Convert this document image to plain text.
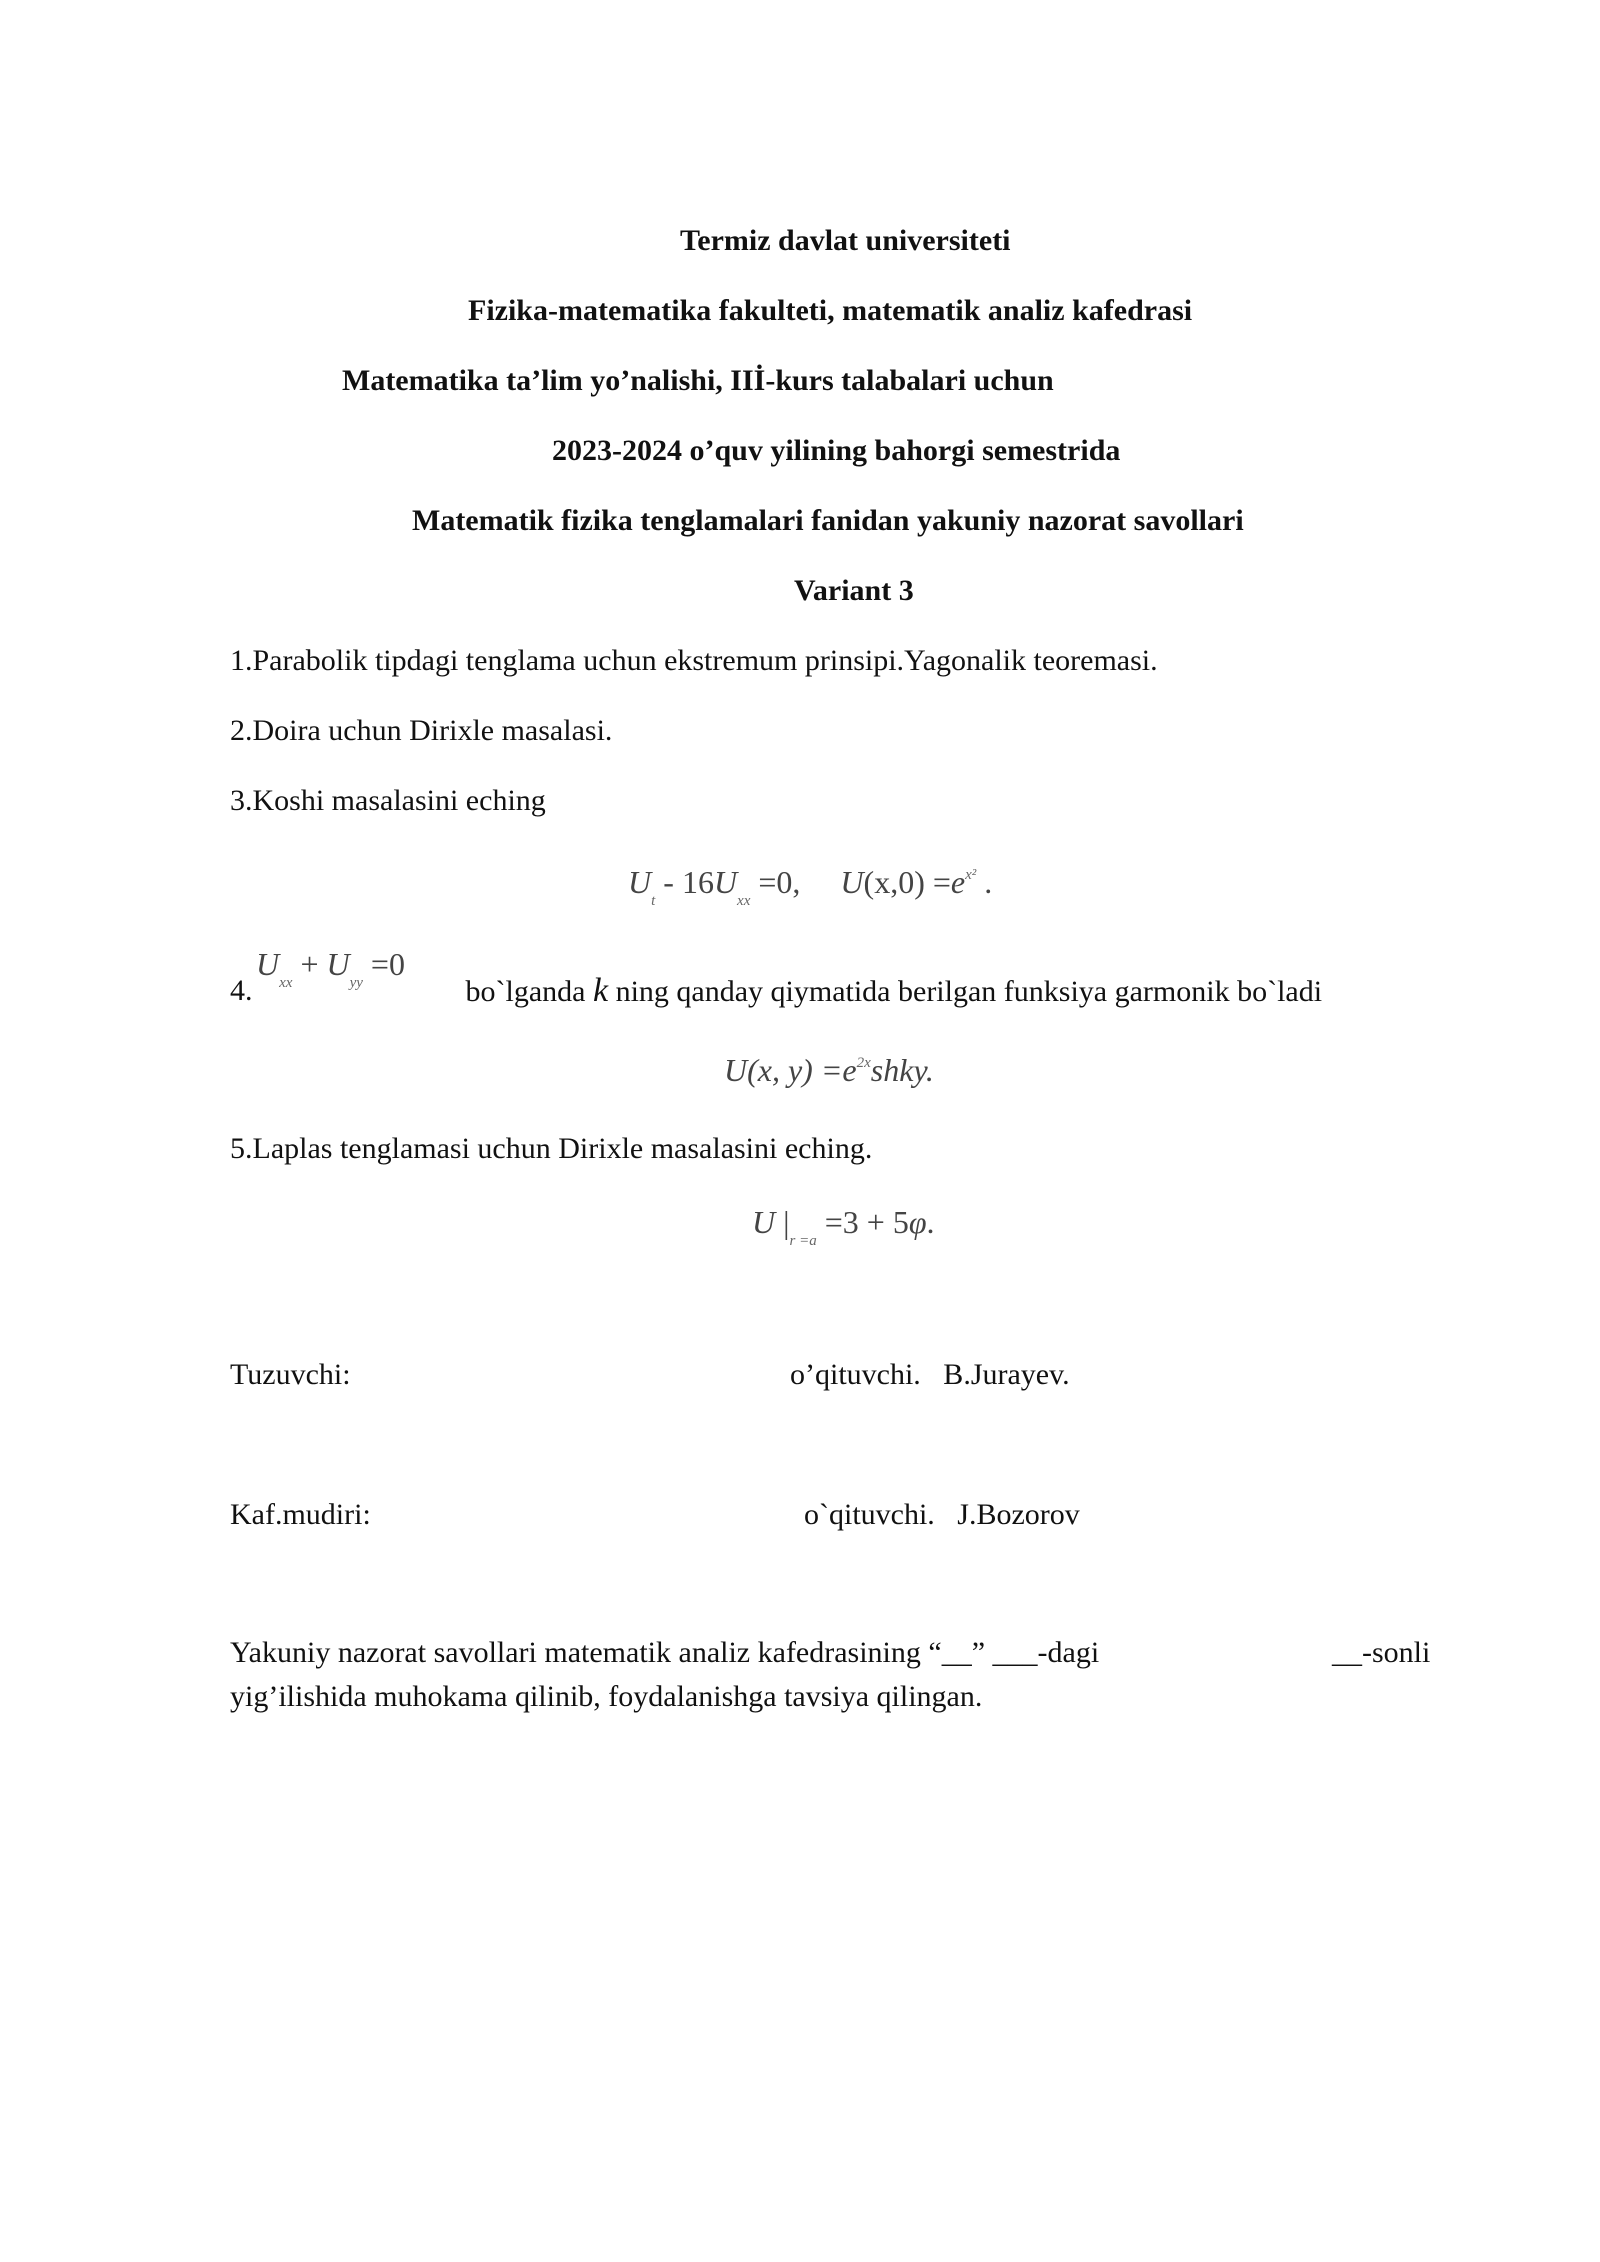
Termiz davlat universiteti
Fizika-matematika fakulteti, matematik analiz kafedrasi
Matematika ta’lim yo’nalishi, IIİ-kurs talabalari uchun
2023-2024 o’quv yilining bahorgi semestrida
Matematik fizika tenglamalari fanidan yakuniy nazorat savollari
Variant 3
1.Parabolik tipdagi tenglama uchun ekstremum prinsipi.Yagonalik teoremasi.
2.Doira uchun Dirixle masalasi.
3.Koshi masalasini eching
$U_t - 16U_{xx} =0$,     $U(x,0) =e^{x^2}$ .
4.
$U_{xx} + U_{yy} =0$
bo`lganda k ning qanday qiymatida berilgan funksiya garmonik bo`ladi
U(x, $y) =e^{2x}shky$.
5.Laplas tenglamasi uchun Dirixle masalasini eching.
U $|_{r =a} =3 + 5\varphi$.
Tuzuvchi:	o’qituvchi.   B.Jurayev.
Kaf.mudiri:	o`qituvchi.   J.Bozorov
Yakuniy nazorat savollari matematik analiz kafedrasining “__” ___-dagi	__-sonli
yig’ilishida muhokama qilinib, foydalanishga tavsiya qilingan.
